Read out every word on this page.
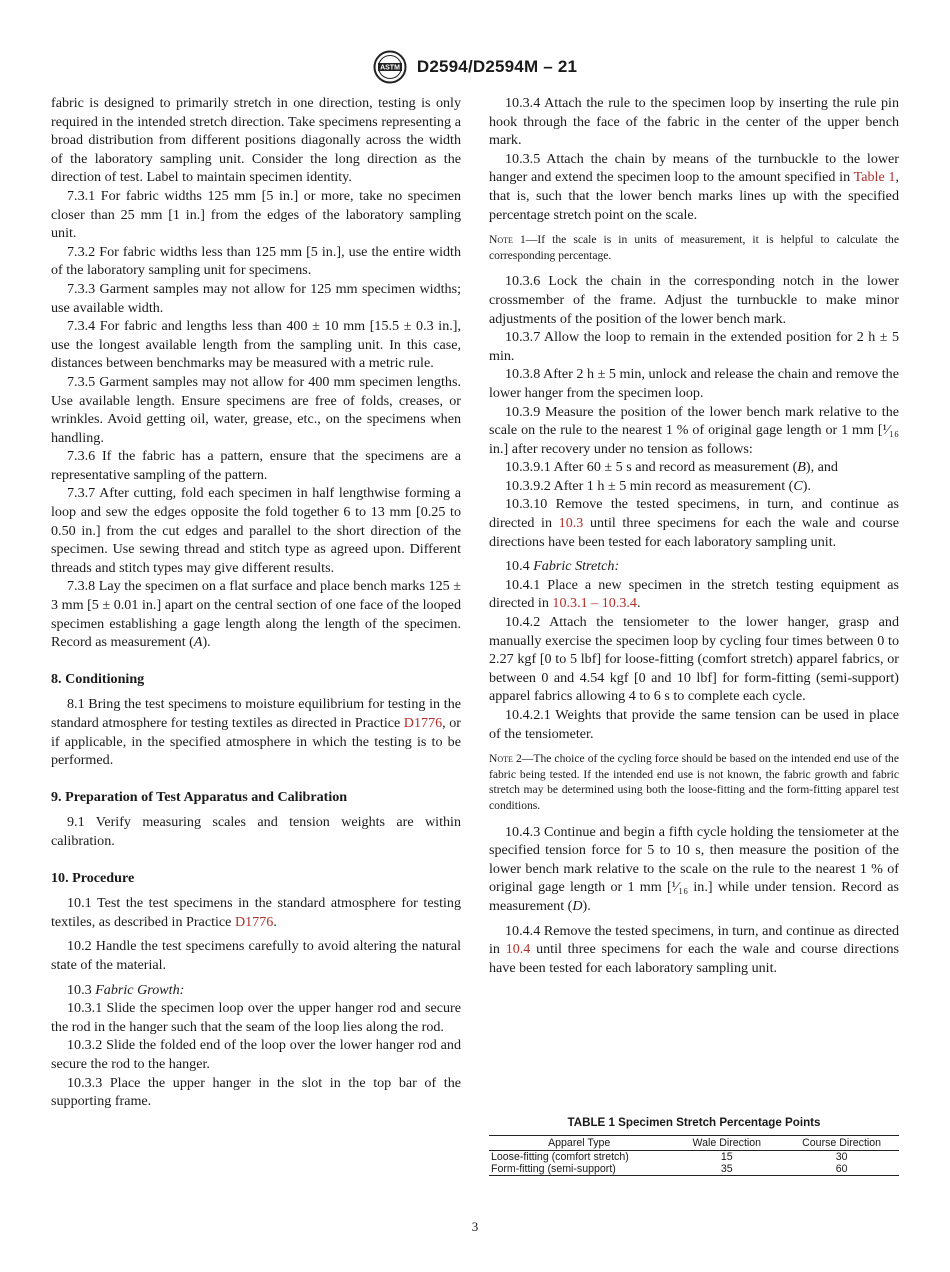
ASTM D2594/D2594M – 21

fabric is designed to primarily stretch in one direction, testing is only required in the intended stretch direction. Take specimens representing a broad distribution from different positions diagonally across the width of the laboratory sampling unit. Consider the long direction as the direction of test. Label to maintain specimen identity.

7.3.1 For fabric widths 125 mm [5 in.] or more, take no specimen closer than 25 mm [1 in.] from the edges of the laboratory sampling unit.

7.3.2 For fabric widths less than 125 mm [5 in.], use the entire width of the laboratory sampling unit for specimens.

7.3.3 Garment samples may not allow for 125 mm specimen widths; use available width.

7.3.4 For fabric and lengths less than 400 ± 10 mm [15.5 ± 0.3 in.], use the longest available length from the sampling unit. In this case, distances between benchmarks may be measured with a metric rule.

7.3.5 Garment samples may not allow for 400 mm specimen lengths. Use available length. Ensure specimens are free of folds, creases, or wrinkles. Avoid getting oil, water, grease, etc., on the specimens when handling.

7.3.6 If the fabric has a pattern, ensure that the specimens are a representative sampling of the pattern.

7.3.7 After cutting, fold each specimen in half lengthwise forming a loop and sew the edges opposite the fold together 6 to 13 mm [0.25 to 0.50 in.] from the cut edges and parallel to the short direction of the specimen. Use sewing thread and stitch type as agreed upon. Different threads and stitch types may give different results.

7.3.8 Lay the specimen on a flat surface and place bench marks 125 ± 3 mm [5 ± 0.01 in.] apart on the central section of one face of the looped specimen establishing a gage length along the length of the specimen. Record as measurement (A).

8. Conditioning

8.1 Bring the test specimens to moisture equilibrium for testing in the standard atmosphere for testing textiles as directed in Practice D1776, or if applicable, in the specified atmosphere in which the testing is to be performed.

9. Preparation of Test Apparatus and Calibration

9.1 Verify measuring scales and tension weights are within calibration.

10. Procedure

10.1 Test the test specimens in the standard atmosphere for testing textiles, as described in Practice D1776.

10.2 Handle the test specimens carefully to avoid altering the natural state of the material.

10.3 Fabric Growth:

10.3.1 Slide the specimen loop over the upper hanger rod and secure the rod in the hanger such that the seam of the loop lies along the rod.

10.3.2 Slide the folded end of the loop over the lower hanger rod and secure the rod to the hanger.

10.3.3 Place the upper hanger in the slot in the top bar of the supporting frame.

10.3.4 Attach the rule to the specimen loop by inserting the rule pin hook through the face of the fabric in the center of the upper bench mark.

10.3.5 Attach the chain by means of the turnbuckle to the lower hanger and extend the specimen loop to the amount specified in Table 1, that is, such that the lower bench marks lines up with the specified percentage stretch point on the scale.

Note 1—If the scale is in units of measurement, it is helpful to calculate the corresponding percentage.

10.3.6 Lock the chain in the corresponding notch in the lower crossmember of the frame. Adjust the turnbuckle to make minor adjustments of the position of the lower bench mark.

10.3.7 Allow the loop to remain in the extended position for 2 h ± 5 min.

10.3.8 After 2 h ± 5 min, unlock and release the chain and remove the lower hanger from the specimen loop.

10.3.9 Measure the position of the lower bench mark relative to the scale on the rule to the nearest 1 % of original gage length or 1 mm [¹⁄₁₆ in.] after recovery under no tension as follows:

10.3.9.1 After 60 ± 5 s and record as measurement (B), and

10.3.9.2 After 1 h ± 5 min record as measurement (C).

10.3.10 Remove the tested specimens, in turn, and continue as directed in 10.3 until three specimens for each the wale and course directions have been tested for each laboratory sampling unit.

10.4 Fabric Stretch:

10.4.1 Place a new specimen in the stretch testing equipment as directed in 10.3.1 – 10.3.4.

10.4.2 Attach the tensiometer to the lower hanger, grasp and manually exercise the specimen loop by cycling four times between 0 to 2.27 kgf [0 to 5 lbf] for loose-fitting (comfort stretch) apparel fabrics, or between 0 and 4.54 kgf [0 and 10 lbf] for form-fitting (semi-support) apparel fabrics allowing 4 to 6 s to complete each cycle.

10.4.2.1 Weights that provide the same tension can be used in place of the tensiometer.

Note 2—The choice of the cycling force should be based on the intended end use of the fabric being tested. If the intended end use is not known, the fabric growth and fabric stretch may be determined using both the loose-fitting and the form-fitting apparel test conditions.

10.4.3 Continue and begin a fifth cycle holding the tensiometer at the specified tension force for 5 to 10 s, then measure the position of the lower bench mark relative to the scale on the rule to the nearest 1 % of original gage length or 1 mm [¹⁄₁₆ in.] while under tension. Record as measurement (D).

10.4.4 Remove the tested specimens, in turn, and continue as directed in 10.4 until three specimens for each the wale and course directions have been tested for each laboratory sampling unit.

TABLE 1 Specimen Stretch Percentage Points
Apparel Type	Wale Direction	Course Direction
Loose-fitting (comfort stretch)	15	30
Form-fitting (semi-support)	35	60
3
